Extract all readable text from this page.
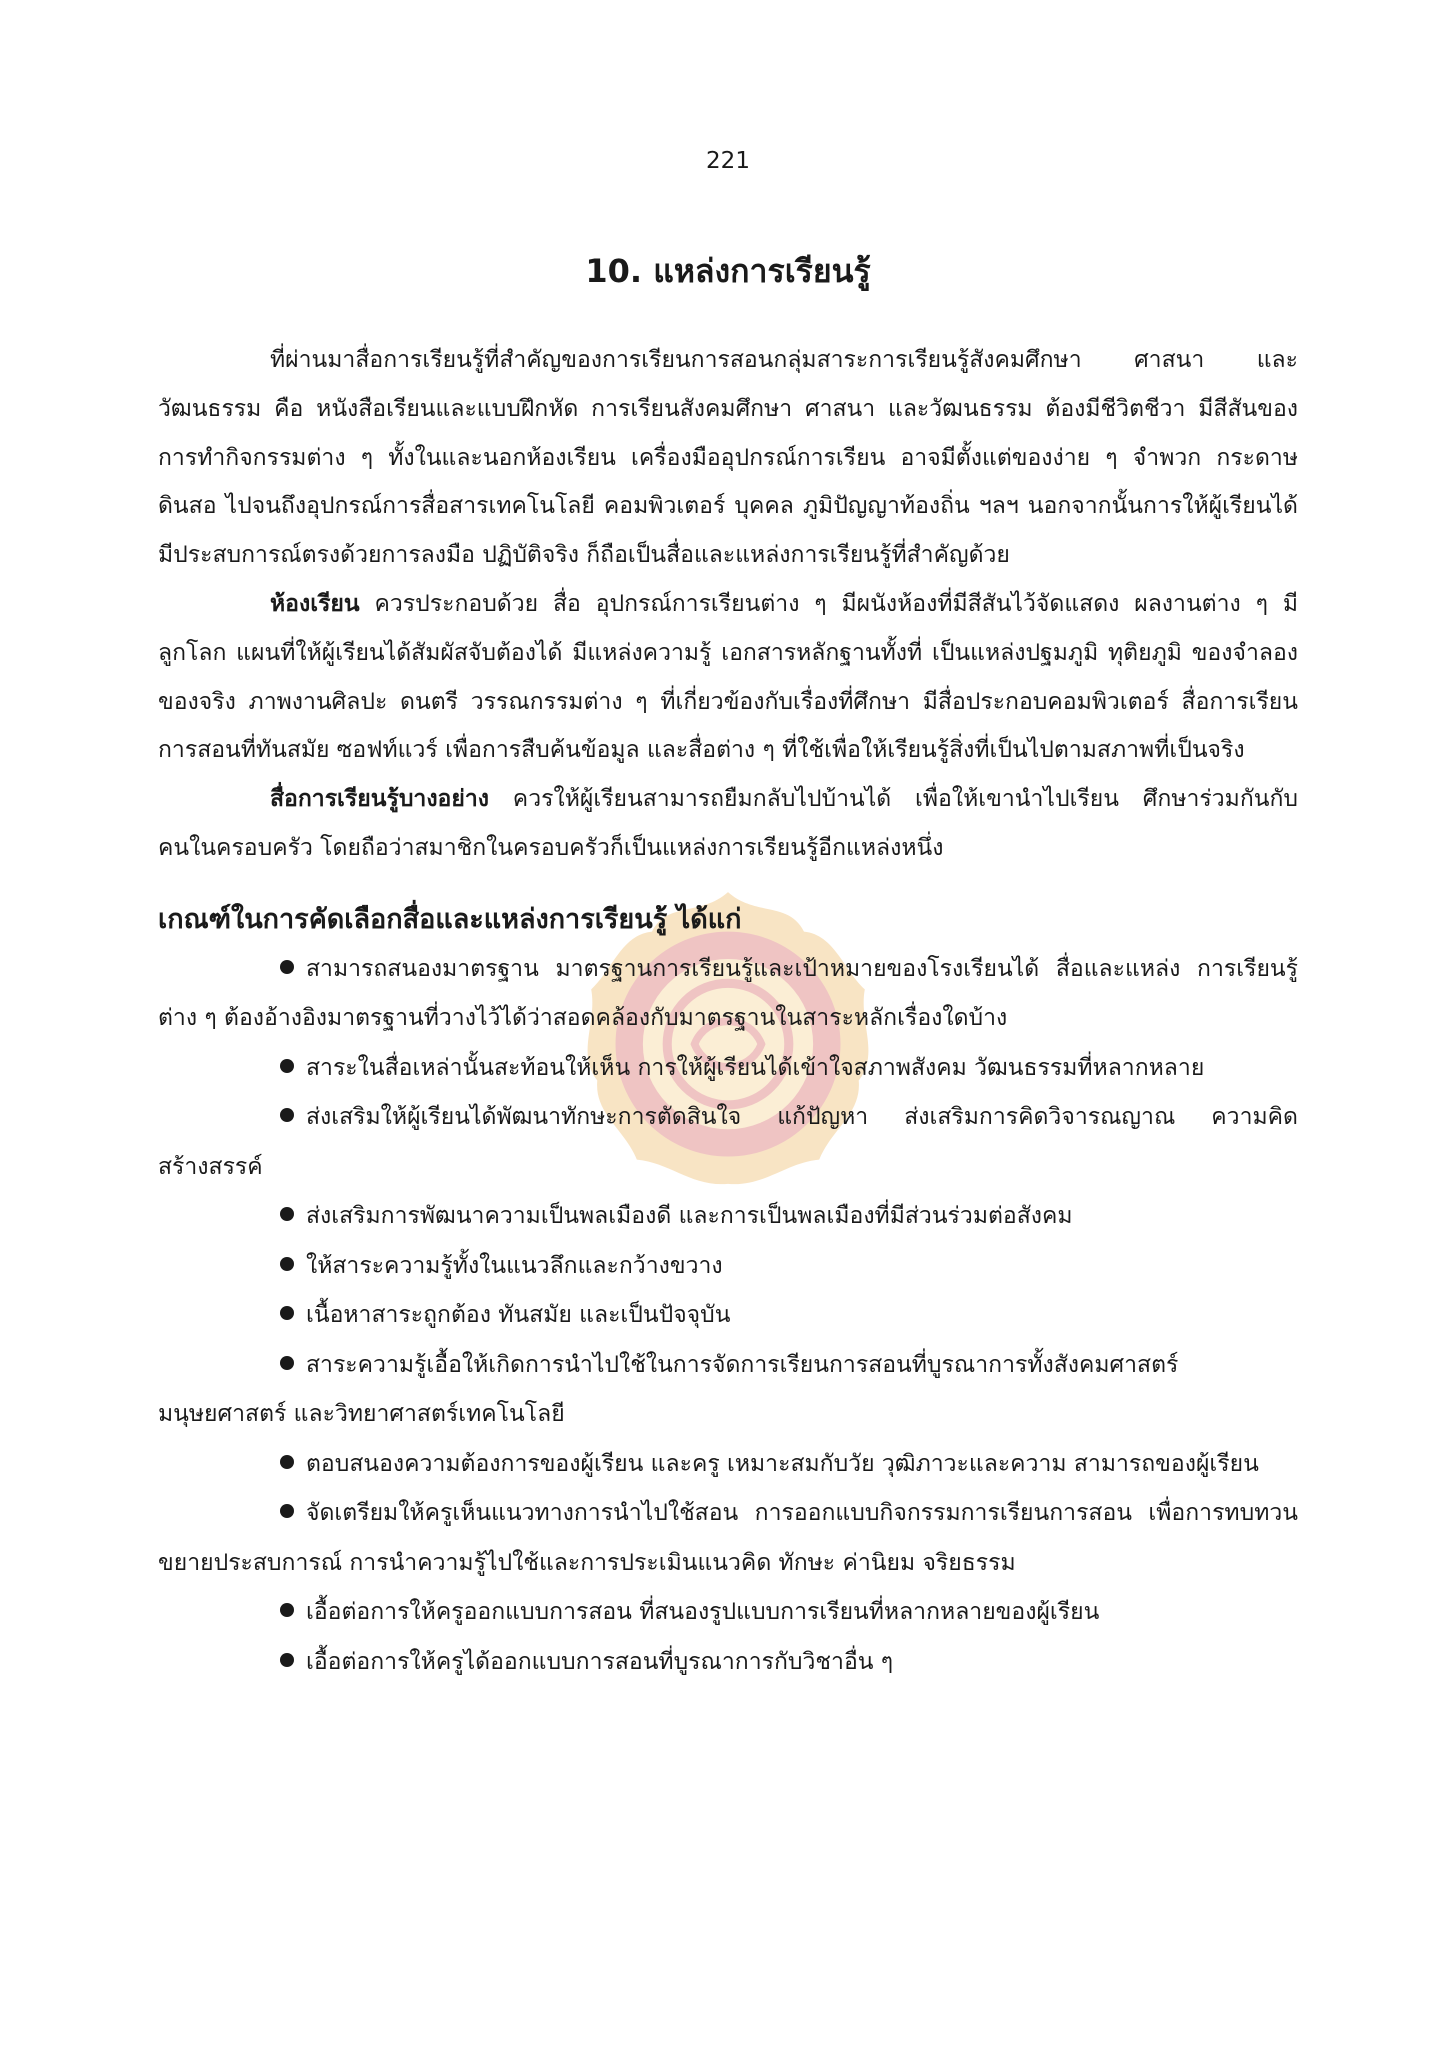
221
10. แหล่งการเรียนรู้

ที่ผ่านมาสื่อการเรียนรู้ที่สำคัญของการเรียนการสอนกลุ่มสาระการเรียนรู้สังคมศึกษา ศาสนา และวัฒนธรรม คือ หนังสือเรียนและแบบฝึกหัด การเรียนสังคมศึกษา ศาสนา และวัฒนธรรม ต้องมีชีวิตชีวา มีสีสันของการทำกิจกรรมต่าง ๆ ทั้งในและนอกห้องเรียน เครื่องมืออุปกรณ์การเรียน อาจมีตั้งแต่ของง่าย ๆ จำพวก กระดาษ ดินสอ ไปจนถึงอุปกรณ์การสื่อสารเทคโนโลยี คอมพิวเตอร์ บุคคล ภูมิปัญญาท้องถิ่น ฯลฯ นอกจากนั้นการให้ผู้เรียนได้มีประสบการณ์ตรงด้วยการลงมือ ปฏิบัติจริง ก็ถือเป็นสื่อและแหล่งการเรียนรู้ที่สำคัญด้วย

ห้องเรียน ควรประกอบด้วย สื่อ อุปกรณ์การเรียนต่าง ๆ มีผนังห้องที่มีสีสันไว้จัดแสดง ผลงานต่าง ๆ มีลูกโลก แผนที่ให้ผู้เรียนได้สัมผัสจับต้องได้ มีแหล่งความรู้ เอกสารหลักฐานทั้งที่ เป็นแหล่งปฐมภูมิ ทุติยภูมิ ของจำลอง ของจริง ภาพงานศิลปะ ดนตรี วรรณกรรมต่าง ๆ ที่เกี่ยวข้องกับเรื่องที่ศึกษา มีสื่อประกอบคอมพิวเตอร์ สื่อการเรียนการสอนที่ทันสมัย ซอฟท์แวร์ เพื่อการสืบค้นข้อมูล และสื่อต่าง ๆ ที่ใช้เพื่อให้เรียนรู้สิ่งที่เป็นไปตามสภาพที่เป็นจริง

สื่อการเรียนรู้บางอย่าง ควรให้ผู้เรียนสามารถยืมกลับไปบ้านได้ เพื่อให้เขานำไปเรียน ศึกษาร่วมกันกับคนในครอบครัว โดยถือว่าสมาชิกในครอบครัวก็เป็นแหล่งการเรียนรู้อีกแหล่งหนึ่ง

เกณฑ์ในการคัดเลือกสื่อและแหล่งการเรียนรู้ ได้แก่

สามารถสนองมาตรฐาน มาตรฐานการเรียนรู้และเป้าหมายของโรงเรียนได้ สื่อและแหล่ง การเรียนรู้ต่าง ๆ ต้องอ้างอิงมาตรฐานที่วางไว้ได้ว่าสอดคล้องกับมาตรฐานในสาระหลักเรื่องใดบ้าง

สาระในสื่อเหล่านั้นสะท้อนให้เห็น การให้ผู้เรียนได้เข้าใจสภาพสังคม วัฒนธรรมที่หลากหลาย

ส่งเสริมให้ผู้เรียนได้พัฒนาทักษะการตัดสินใจ แก้ปัญหา ส่งเสริมการคิดวิจารณญาณ ความคิดสร้างสรรค์

ส่งเสริมการพัฒนาความเป็นพลเมืองดี และการเป็นพลเมืองที่มีส่วนร่วมต่อสังคม

ให้สาระความรู้ทั้งในแนวลึกและกว้างขวาง

เนื้อหาสาระถูกต้อง ทันสมัย และเป็นปัจจุบัน

สาระความรู้เอื้อให้เกิดการนำไปใช้ในการจัดการเรียนการสอนที่บูรณาการทั้งสังคมศาสตร์ มนุษยศาสตร์ และวิทยาศาสตร์เทคโนโลยี

ตอบสนองความต้องการของผู้เรียน และครู เหมาะสมกับวัย วุฒิภาวะและความ สามารถของผู้เรียน

จัดเตรียมให้ครูเห็นแนวทางการนำไปใช้สอน การออกแบบกิจกรรมการเรียนการสอน เพื่อการทบทวน ขยายประสบการณ์ การนำความรู้ไปใช้และการประเมินแนวคิด ทักษะ ค่านิยม จริยธรรม

เอื้อต่อการให้ครูออกแบบการสอน ที่สนองรูปแบบการเรียนที่หลากหลายของผู้เรียน

เอื้อต่อการให้ครูได้ออกแบบการสอนที่บูรณาการกับวิชาอื่น ๆ
